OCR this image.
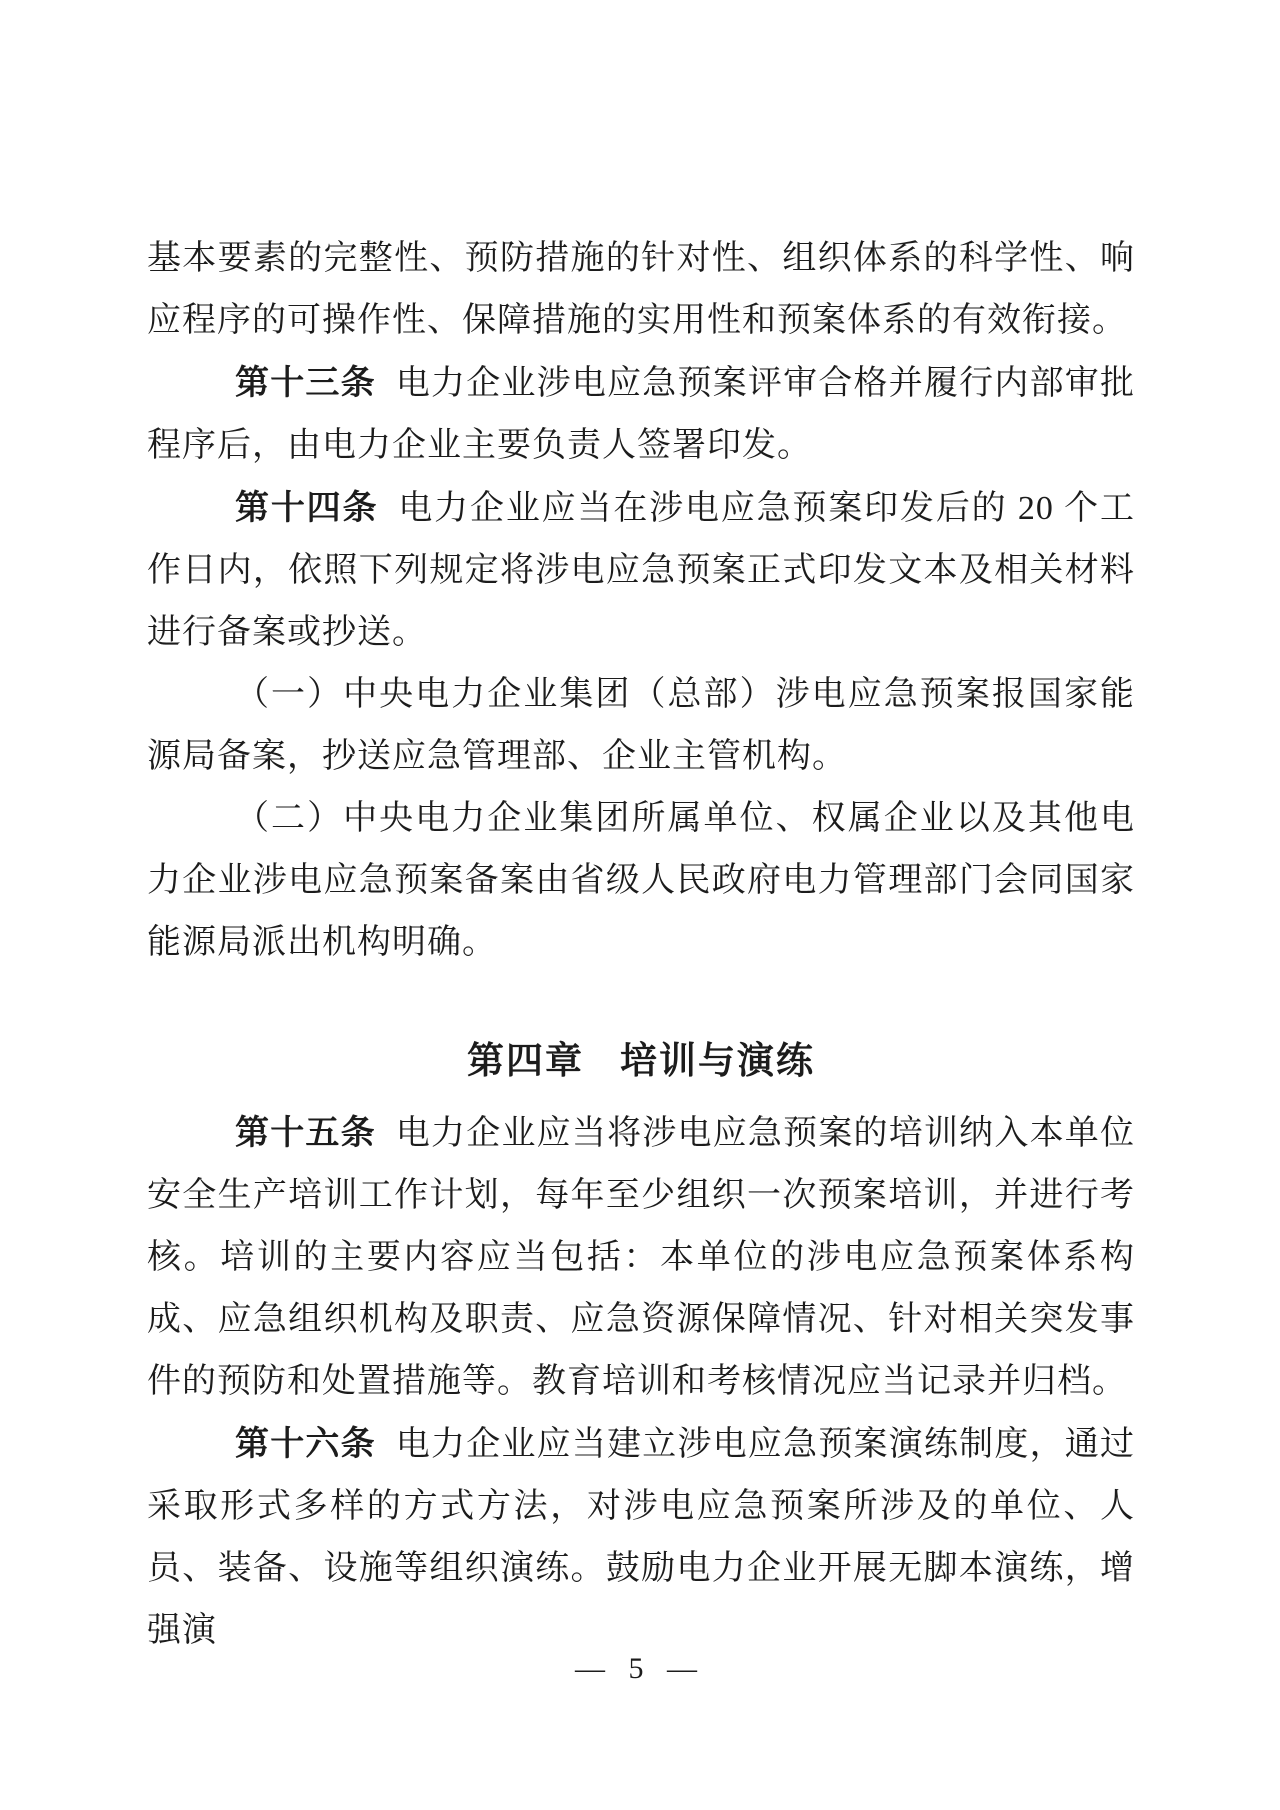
基本要素的完整性、预防措施的针对性、组织体系的科学性、响应程序的可操作性、保障措施的实用性和预案体系的有效衔接。

第十三条 电力企业涉电应急预案评审合格并履行内部审批程序后，由电力企业主要负责人签署印发。

第十四条 电力企业应当在涉电应急预案印发后的 20 个工作日内，依照下列规定将涉电应急预案正式印发文本及相关材料进行备案或抄送。

（一）中央电力企业集团（总部）涉电应急预案报国家能源局备案，抄送应急管理部、企业主管机构。

（二）中央电力企业集团所属单位、权属企业以及其他电力企业涉电应急预案备案由省级人民政府电力管理部门会同国家能源局派出机构明确。

第四章 培训与演练

第十五条 电力企业应当将涉电应急预案的培训纳入本单位安全生产培训工作计划，每年至少组织一次预案培训，并进行考核。培训的主要内容应当包括：本单位的涉电应急预案体系构成、应急组织机构及职责、应急资源保障情况、针对相关突发事件的预防和处置措施等。教育培训和考核情况应当记录并归档。

第十六条 电力企业应当建立涉电应急预案演练制度，通过采取形式多样的方式方法，对涉电应急预案所涉及的单位、人员、装备、设施等组织演练。鼓励电力企业开展无脚本演练，增强演

— 5 —
